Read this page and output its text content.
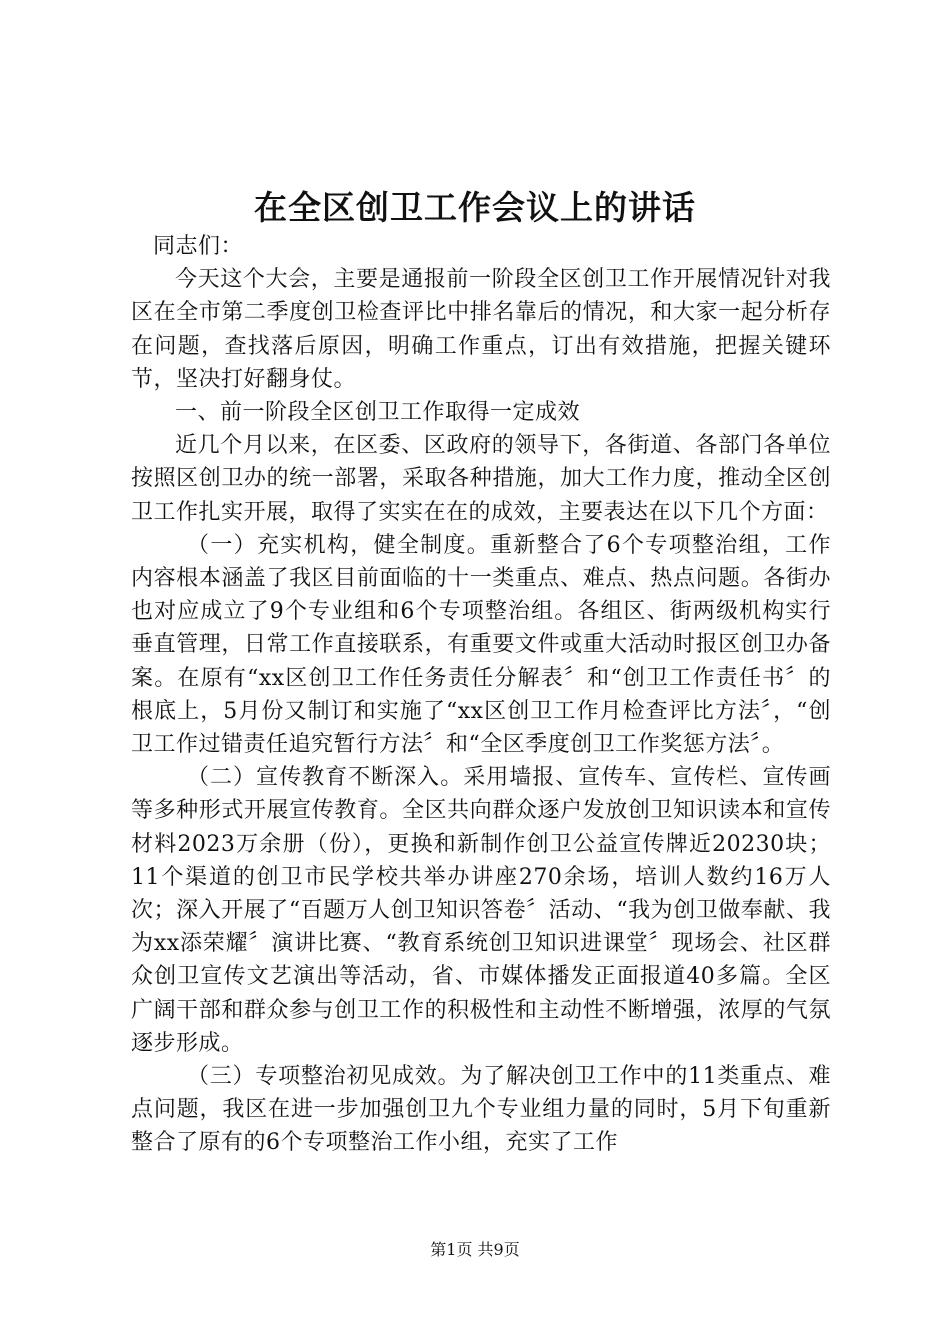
在全区创卫工作会议上的讲话

同志们：

今天这个大会，主要是通报前一阶段全区创卫工作开展情况针对我区在全市第二季度创卫检查评比中排名靠后的情况，和大家一起分析存在问题，查找落后原因，明确工作重点，订出有效措施，把握关键环节，坚决打好翻身仗。

一、前一阶段全区创卫工作取得一定成效

近几个月以来，在区委、区政府的领导下，各街道、各部门各单位按照区创卫办的统一部署，采取各种措施，加大工作力度，推动全区创卫工作扎实开展，取得了实实在在的成效，主要表达在以下几个方面：

（一）充实机构，健全制度。重新整合了6个专项整治组，工作内容根本涵盖了我区目前面临的十一类重点、难点、热点问题。各街办也对应成立了9个专业组和6个专项整治组。各组区、街两级机构实行垂直管理，日常工作直接联系，有重要文件或重大活动时报区创卫办备案。在原有“xx区创卫工作任务责任分解表〞和“创卫工作责任书〞的根底上，5月份又制订和实施了“xx区创卫工作月检查评比方法〞，“创卫工作过错责任追究暂行方法〞和“全区季度创卫工作奖惩方法〞。

（二）宣传教育不断深入。采用墙报、宣传车、宣传栏、宣传画等多种形式开展宣传教育。全区共向群众逐户发放创卫知识读本和宣传材料2023万余册（份），更换和新制作创卫公益宣传牌近20230块；11个渠道的创卫市民学校共举办讲座270余场，培训人数约16万人次；深入开展了“百题万人创卫知识答卷〞活动、“我为创卫做奉献、我为xx添荣耀〞演讲比赛、“教育系统创卫知识进课堂〞现场会、社区群众创卫宣传文艺演出等活动，省、市媒体播发正面报道40多篇。全区广阔干部和群众参与创卫工作的积极性和主动性不断增强，浓厚的气氛逐步形成。

（三）专项整治初见成效。为了解决创卫工作中的11类重点、难点问题，我区在进一步加强创卫九个专业组力量的同时，5月下旬重新整合了原有的6个专项整治工作小组，充实了工作

第1页 共9页
